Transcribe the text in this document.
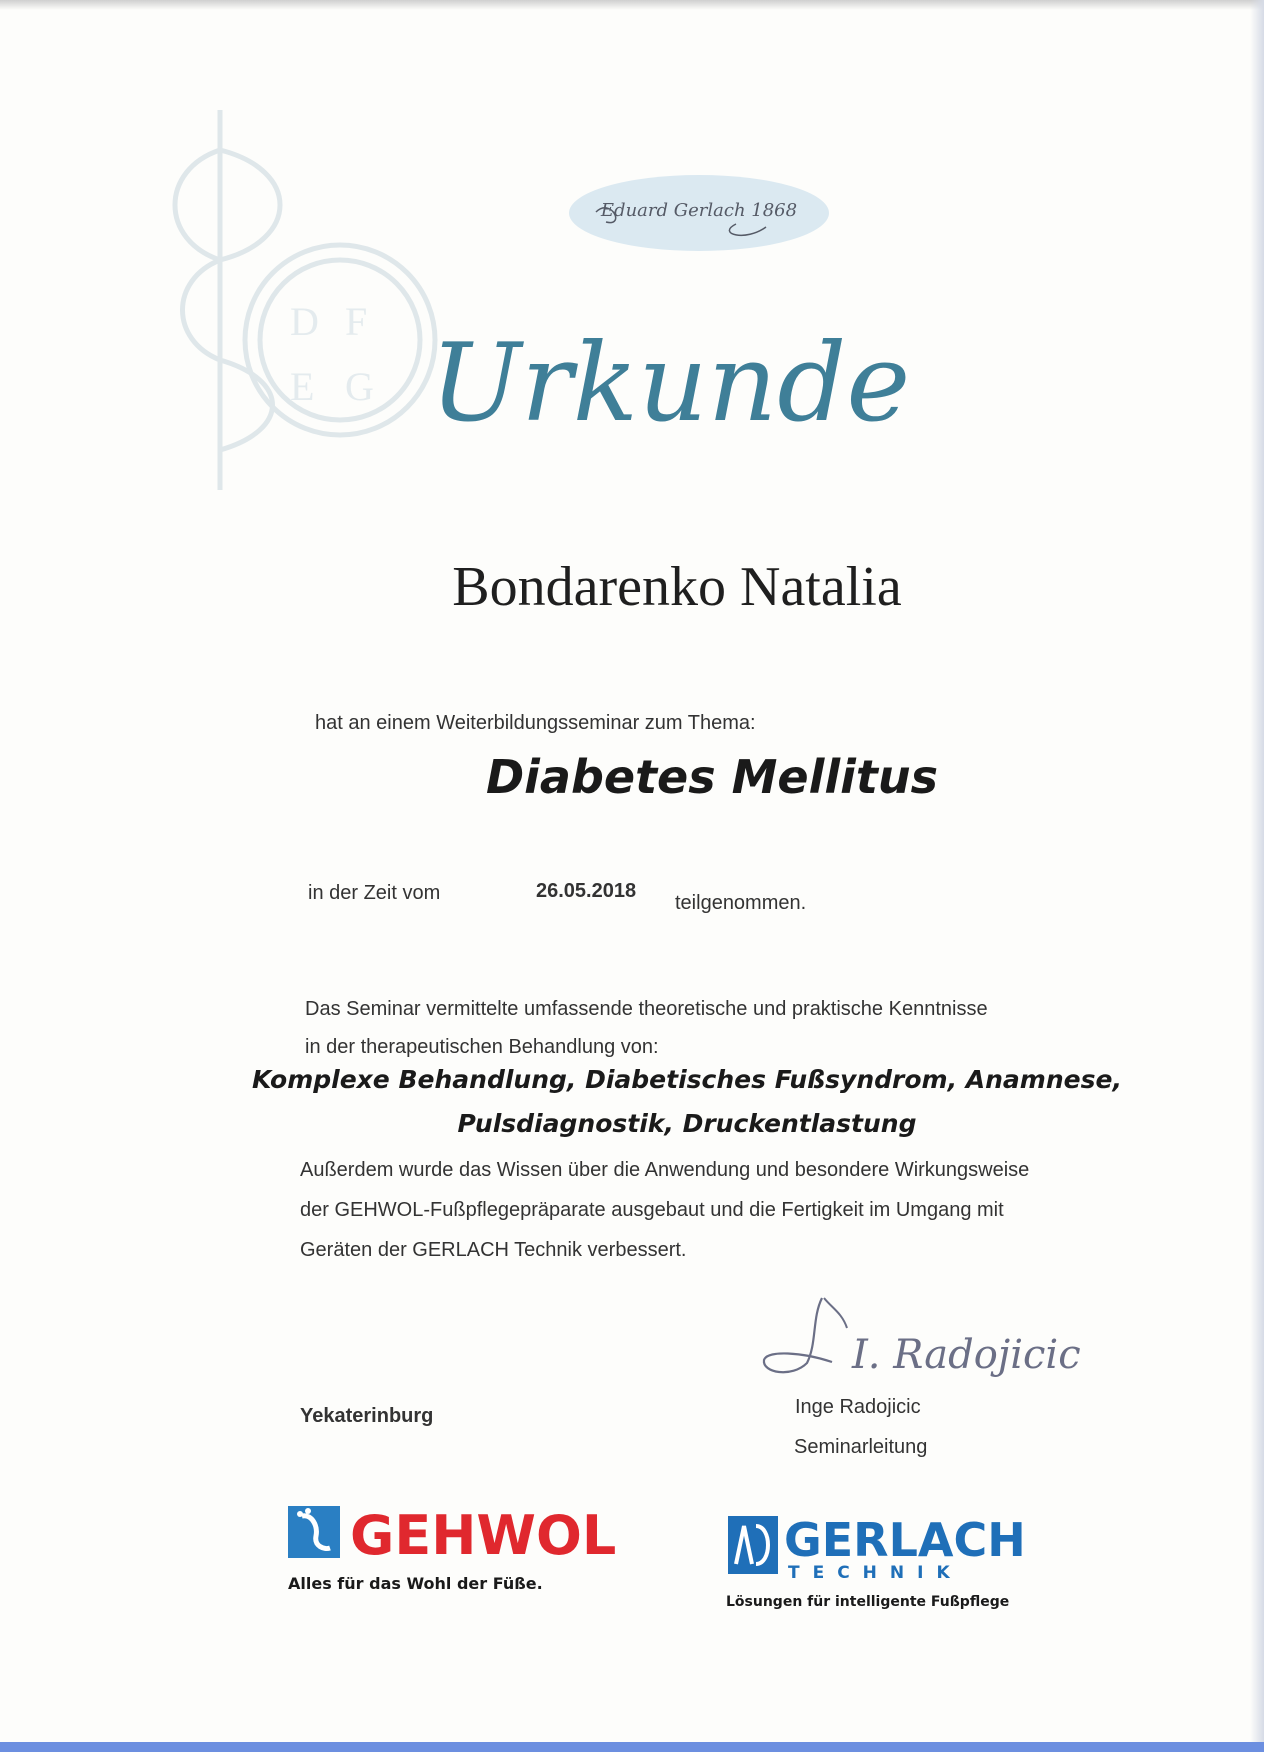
D F
E G
Eduard Gerlach 1868
Urkunde
Bondarenko Natalia
hat an einem Weiterbildungsseminar zum Thema:
Diabetes Mellitus
in der Zeit vom	26.05.2018
teilgenommen.
Das Seminar vermittelte umfassende theoretische und praktische Kenntnisse in der therapeutischen Behandlung von:
Komplexe Behandlung, Diabetisches Fußsyndrom, Anamnese,
Pulsdiagnostik, Druckentlastung
Außerdem wurde das Wissen über die Anwendung und besondere Wirkungsweise der GEHWOL-Fußpflegepräparate ausgebaut und die Fertigkeit im Umgang mit Geräten der GERLACH Technik verbessert.
Yekaterinburg
I. Radojicic
Inge Radojicic
Seminarleitung
GEHWOL
Alles für das Wohl der Füße.
GERLACH
TECHNIK
Lösungen für intelligente Fußpflege
